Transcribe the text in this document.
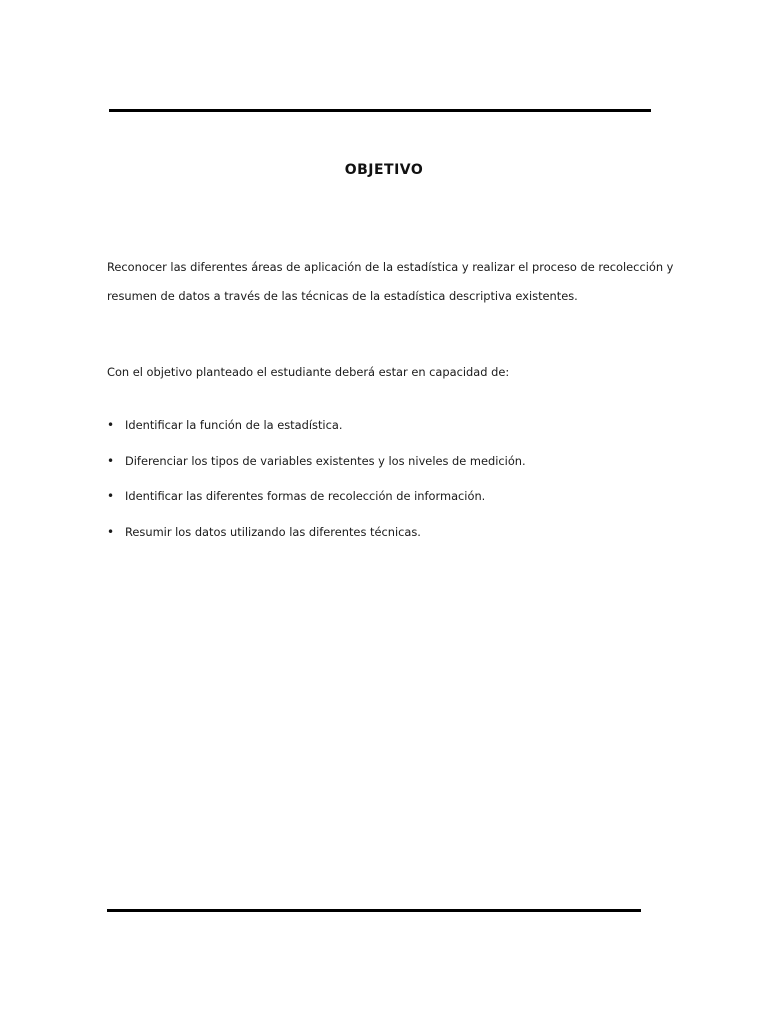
OBJETIVO
Reconocer las diferentes áreas de aplicación de la estadística y realizar el proceso de recolección y
resumen de datos a través de las técnicas de la estadística descriptiva existentes.

Con el objetivo planteado el estudiante deberá estar en capacidad de:

• Identificar la función de la estadística.
• Diferenciar los tipos de variables existentes y los niveles de medición.
• Identificar las diferentes formas de recolección de información.
• Resumir los datos utilizando las diferentes técnicas.
